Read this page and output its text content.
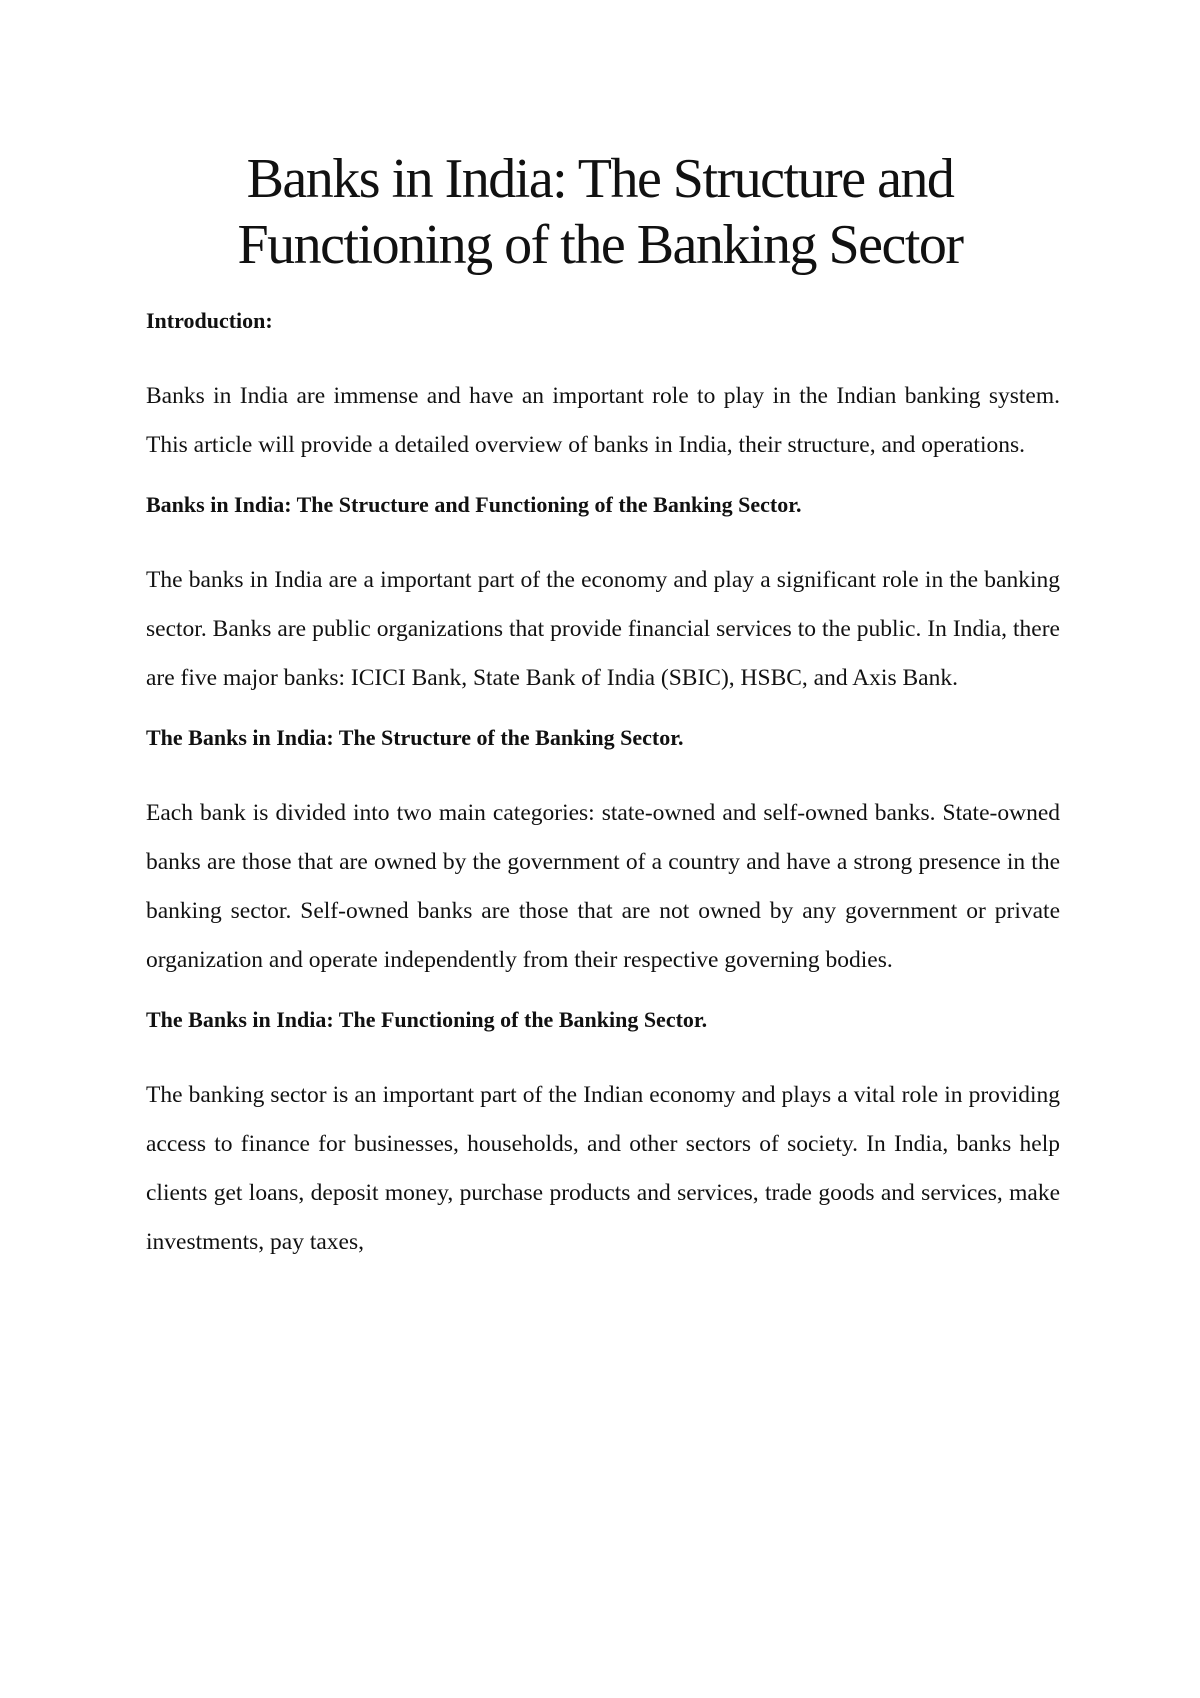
Banks in India: The Structure and Functioning of the Banking Sector
Introduction:

Banks in India are immense and have an important role to play in the Indian banking system. This article will provide a detailed overview of banks in India, their structure, and operations.

Banks in India: The Structure and Functioning of the Banking Sector.

The banks in India are a important part of the economy and play a significant role in the banking sector. Banks are public organizations that provide financial services to the public. In India, there are five major banks: ICICI Bank, State Bank of India (SBIC), HSBC, and Axis Bank.

The Banks in India: The Structure of the Banking Sector.

Each bank is divided into two main categories: state-owned and self-owned banks. State-owned banks are those that are owned by the government of a country and have a strong presence in the banking sector. Self-owned banks are those that are not owned by any government or private organization and operate independently from their respective governing bodies.

The Banks in India: The Functioning of the Banking Sector.

The banking sector is an important part of the Indian economy and plays a vital role in providing access to finance for businesses, households, and other sectors of society. In India, banks help clients get loans, deposit money, purchase products and services, trade goods and services, make investments, pay taxes,
